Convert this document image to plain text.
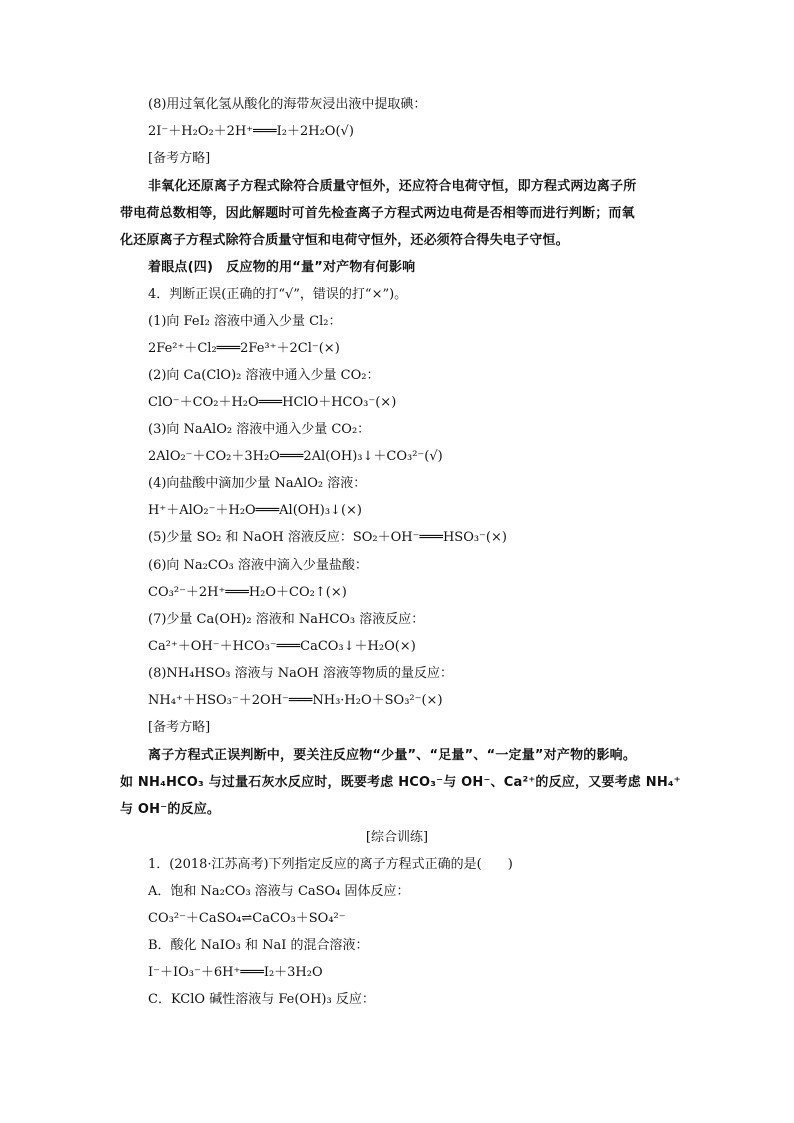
(8)用过氧化氢从酸化的海带灰浸出液中提取碘：
2I⁻＋H₂O₂＋2H⁺═══I₂＋2H₂O(√)
[备考方略]
非氧化还原离子方程式除符合质量守恒外，还应符合电荷守恒，即方程式两边离子所
带电荷总数相等，因此解题时可首先检查离子方程式两边电荷是否相等而进行判断；而氧
化还原离子方程式除符合质量守恒和电荷守恒外，还必须符合得失电子守恒。
着眼点(四)　反应物的用“量”对产物有何影响
4．判断正误(正确的打“√”，错误的打“×”)。
(1)向 FeI₂ 溶液中通入少量 Cl₂：
2Fe²⁺＋Cl₂═══2Fe³⁺＋2Cl⁻(×)
(2)向 Ca(ClO)₂ 溶液中通入少量 CO₂：
ClO⁻＋CO₂＋H₂O═══HClO＋HCO₃⁻(×)
(3)向 NaAlO₂ 溶液中通入少量 CO₂：
2AlO₂⁻＋CO₂＋3H₂O═══2Al(OH)₃↓＋CO₃²⁻(√)
(4)向盐酸中滴加少量 NaAlO₂ 溶液：
H⁺＋AlO₂⁻＋H₂O═══Al(OH)₃↓(×)
(5)少量 SO₂ 和 NaOH 溶液反应：SO₂＋OH⁻═══HSO₃⁻(×)
(6)向 Na₂CO₃ 溶液中滴入少量盐酸：
CO₃²⁻＋2H⁺═══H₂O＋CO₂↑(×)
(7)少量 Ca(OH)₂ 溶液和 NaHCO₃ 溶液反应：
Ca²⁺＋OH⁻＋HCO₃⁻═══CaCO₃↓＋H₂O(×)
(8)NH₄HSO₃ 溶液与 NaOH 溶液等物质的量反应：
NH₄⁺＋HSO₃⁻＋2OH⁻═══NH₃·H₂O＋SO₃²⁻(×)
[备考方略]
离子方程式正误判断中，要关注反应物“少量”、“足量”、“一定量”对产物的影响。
如 NH₄HCO₃ 与过量石灰水反应时，既要考虑 HCO₃⁻与 OH⁻、Ca²⁺的反应，又要考虑 NH₄⁺
与 OH⁻的反应。
[综合训练]
1．(2018·江苏高考)下列指定反应的离子方程式正确的是(　　)
A．饱和 Na₂CO₃ 溶液与 CaSO₄ 固体反应：
CO₃²⁻＋CaSO₄⇌CaCO₃＋SO₄²⁻
B．酸化 NaIO₃ 和 NaI 的混合溶液：
I⁻＋IO₃⁻＋6H⁺═══I₂＋3H₂O
C．KClO 碱性溶液与 Fe(OH)₃ 反应：
